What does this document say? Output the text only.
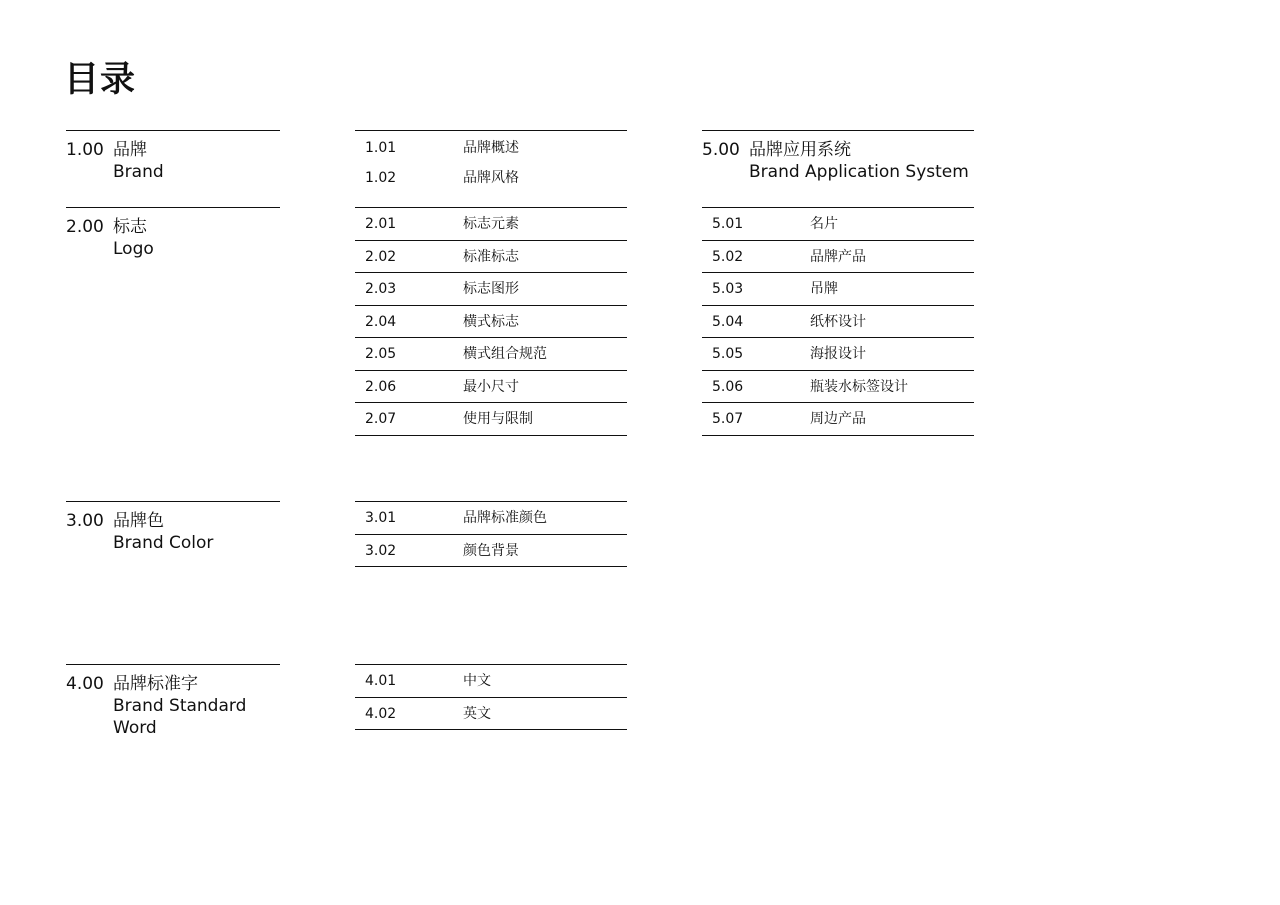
目录
1.00 品牌
Brand
2.00 标志
Logo
3.00 品牌色
Brand Color
4.00 品牌标准字
Brand Standard
Word
5.00 品牌应用系统
Brand Application System
1.01	品牌概述
1.02	品牌风格
2.01	标志元素
2.02	标准标志
2.03	标志图形
2.04	横式标志
2.05	横式组合规范
2.06	最小尺寸
2.07	使用与限制
3.01	品牌标准颜色
3.02	颜色背景
4.01	中文
4.02	英文
5.01	名片
5.02	品牌产品
5.03	吊牌
5.04	纸杯设计
5.05	海报设计
5.06	瓶装水标签设计
5.07	周边产品
